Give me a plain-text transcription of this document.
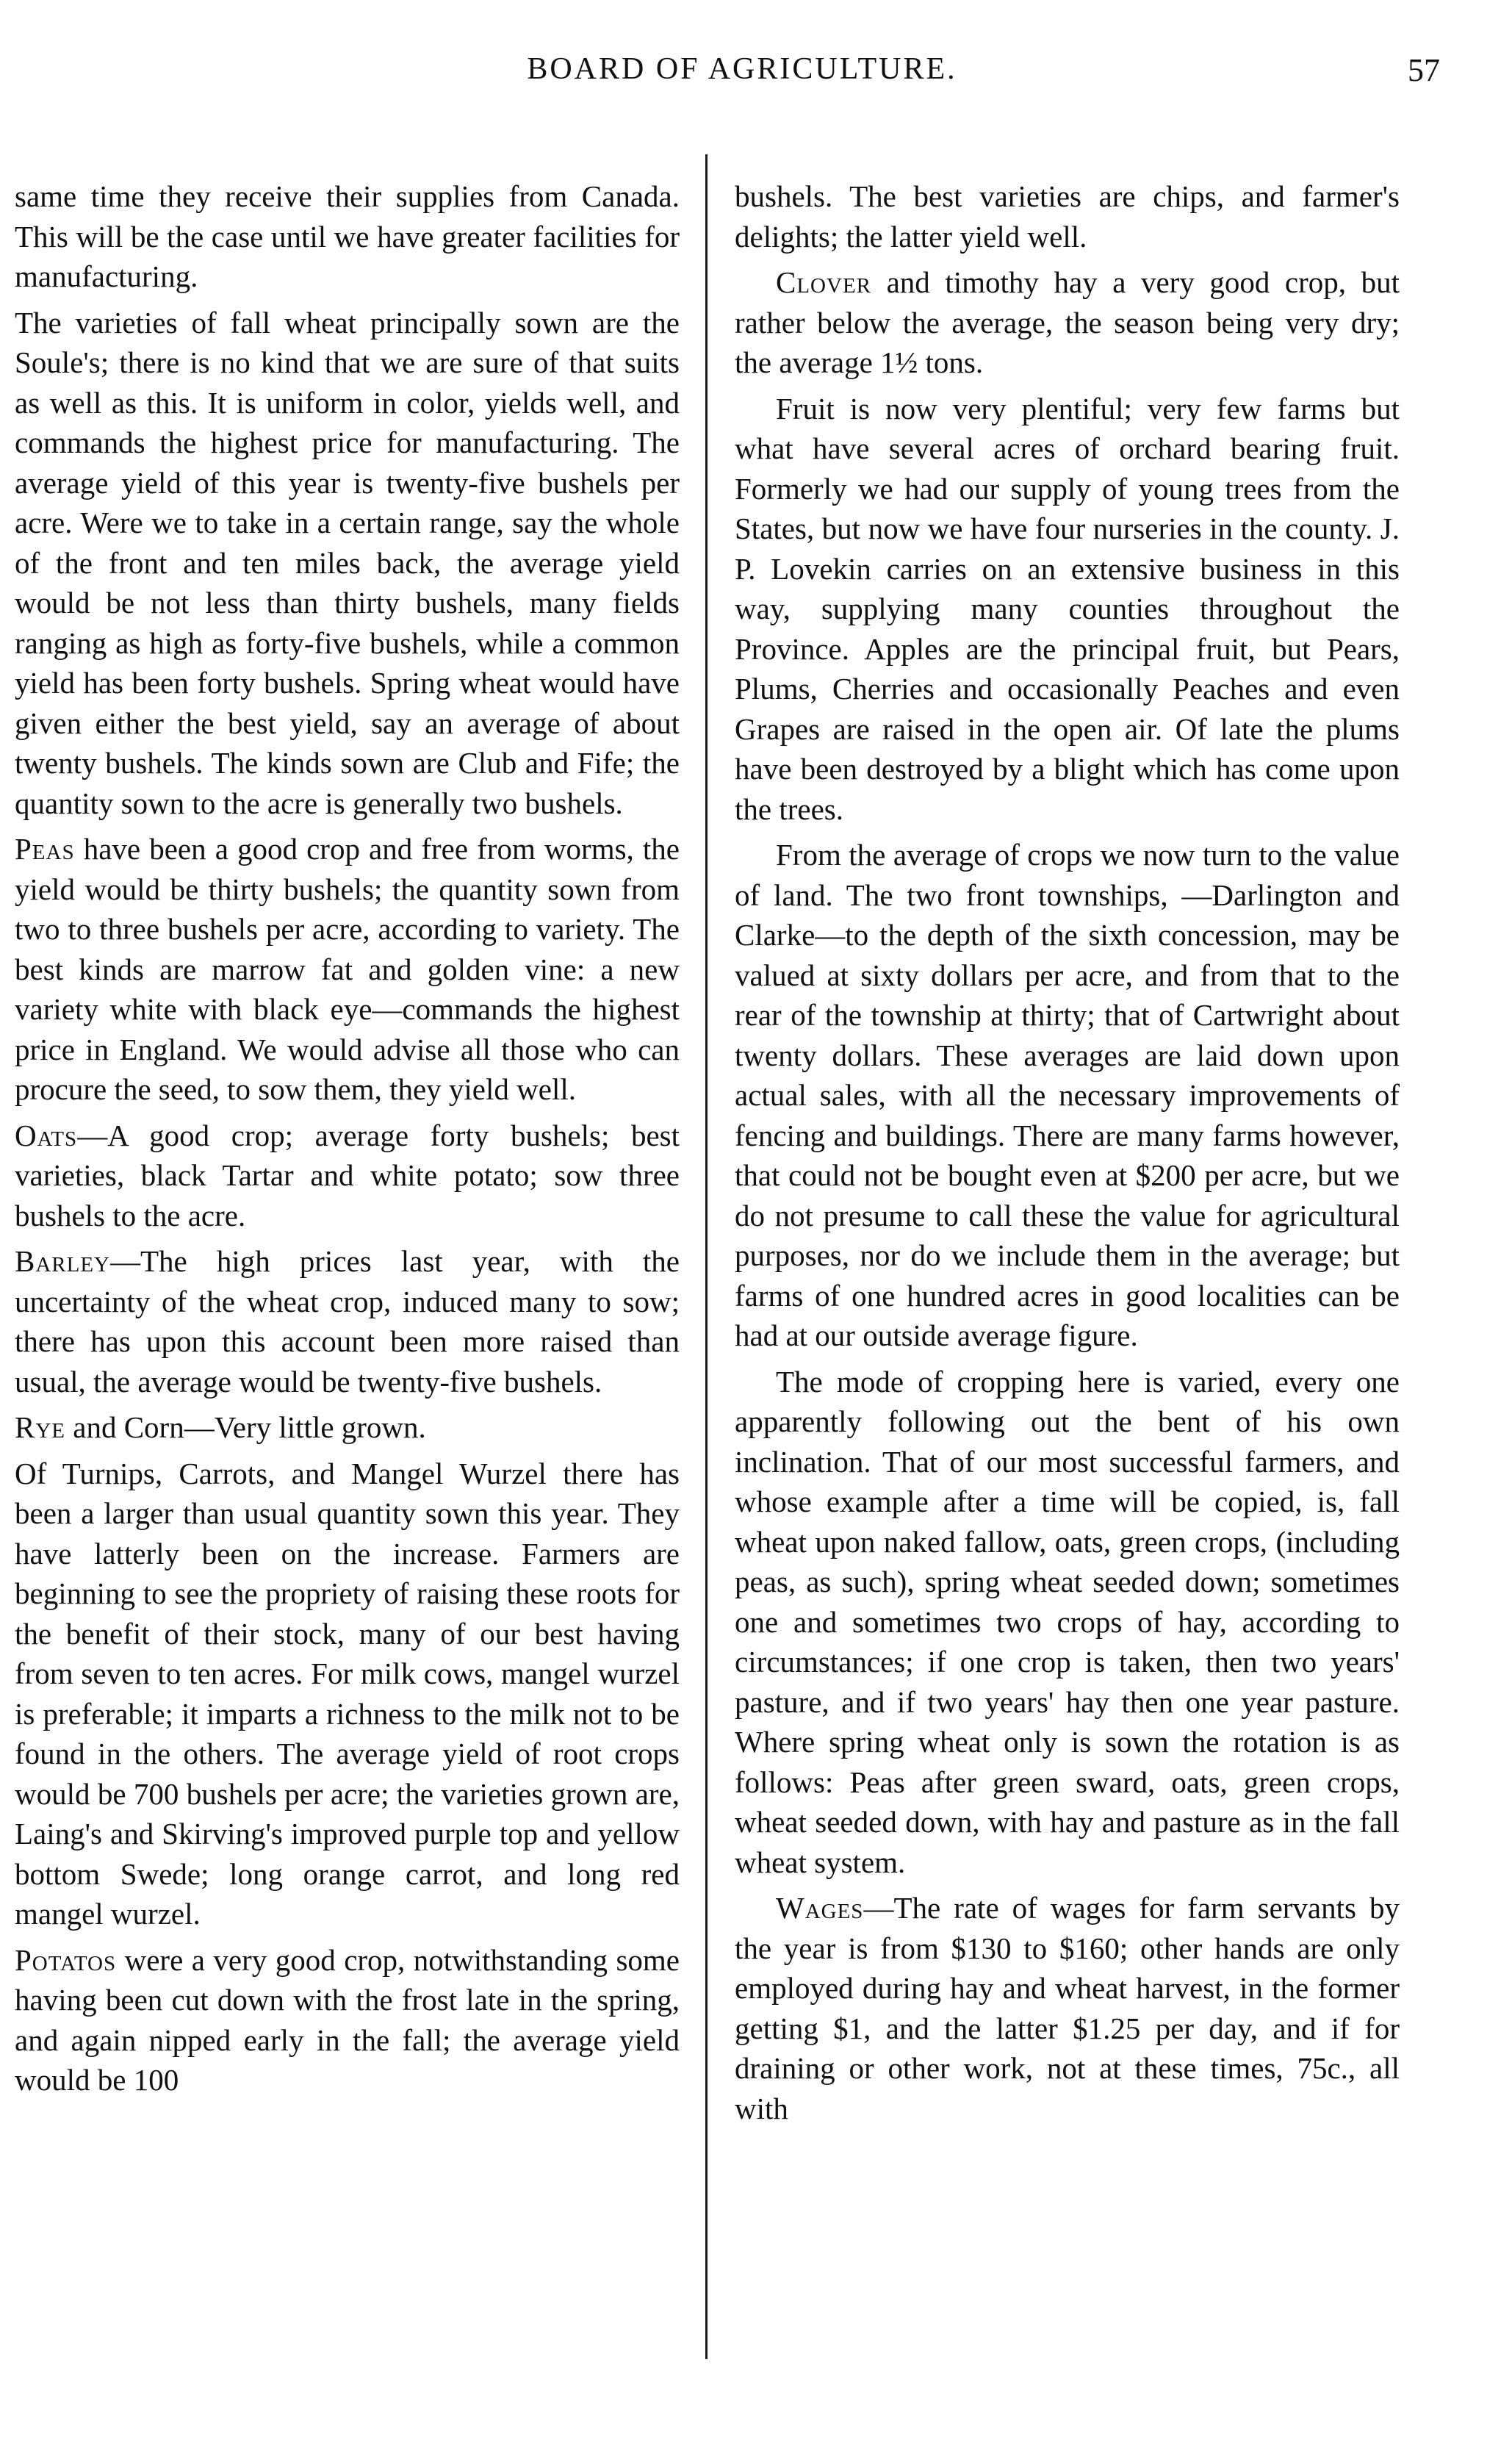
BOARD OF AGRICULTURE.	57

same time they receive their supplies from Canada. This will be the case until we have greater facilities for manufacturing.

The varieties of fall wheat principally sown are the Soule's; there is no kind that we are sure of that suits as well as this. It is uniform in color, yields well, and commands the highest price for manufacturing. The average yield of this year is twenty-five bushels per acre. Were we to take in a certain range, say the whole of the front and ten miles back, the average yield would be not less than thirty bushels, many fields ranging as high as forty-five bushels, while a common yield has been forty bushels. Spring wheat would have given either the best yield, say an average of about twenty bushels. The kinds sown are Club and Fife; the quantity sown to the acre is generally two bushels.

Peas have been a good crop and free from worms, the yield would be thirty bushels; the quantity sown from two to three bushels per acre, according to variety. The best kinds are marrow fat and golden vine: a new variety white with black eye—commands the highest price in England. We would advise all those who can procure the seed, to sow them, they yield well.

Oats—A good crop; average forty bushels; best varieties, black Tartar and white potato; sow three bushels to the acre.

Barley—The high prices last year, with the uncertainty of the wheat crop, induced many to sow; there has upon this account been more raised than usual, the average would be twenty-five bushels.

Rye and Corn—Very little grown.

Of Turnips, Carrots, and Mangel Wurzel there has been a larger than usual quantity sown this year. They have latterly been on the increase. Farmers are beginning to see the propriety of raising these roots for the benefit of their stock, many of our best having from seven to ten acres. For milk cows, mangel wurzel is preferable; it imparts a richness to the milk not to be found in the others. The average yield of root crops would be 700 bushels per acre; the varieties grown are, Laing's and Skirving's improved purple top and yellow bottom Swede; long orange carrot, and long red mangel wurzel.

Potatos were a very good crop, notwithstanding some having been cut down with the frost late in the spring, and again nipped early in the fall; the average yield would be 100

bushels. The best varieties are chips, and farmer's delights; the latter yield well.

Clover and timothy hay a very good crop, but rather below the average, the season being very dry; the average 1½ tons.

Fruit is now very plentiful; very few farms but what have several acres of orchard bearing fruit. Formerly we had our supply of young trees from the States, but now we have four nurseries in the county. J. P. Lovekin carries on an extensive business in this way, supplying many counties throughout the Province. Apples are the principal fruit, but Pears, Plums, Cherries and occasionally Peaches and even Grapes are raised in the open air. Of late the plums have been destroyed by a blight which has come upon the trees.

From the average of crops we now turn to the value of land. The two front townships, —Darlington and Clarke—to the depth of the sixth concession, may be valued at sixty dollars per acre, and from that to the rear of the township at thirty; that of Cartwright about twenty dollars. These averages are laid down upon actual sales, with all the necessary improvements of fencing and buildings. There are many farms however, that could not be bought even at $200 per acre, but we do not presume to call these the value for agricultural purposes, nor do we include them in the average; but farms of one hundred acres in good localities can be had at our outside average figure.

The mode of cropping here is varied, every one apparently following out the bent of his own inclination. That of our most successful farmers, and whose example after a time will be copied, is, fall wheat upon naked fallow, oats, green crops, (including peas, as such), spring wheat seeded down; sometimes one and sometimes two crops of hay, according to circumstances; if one crop is taken, then two years' pasture, and if two years' hay then one year pasture. Where spring wheat only is sown the rotation is as follows: Peas after green sward, oats, green crops, wheat seeded down, with hay and pasture as in the fall wheat system.

Wages—The rate of wages for farm servants by the year is from $130 to $160; other hands are only employed during hay and wheat harvest, in the former getting $1, and the latter $1.25 per day, and if for draining or other work, not at these times, 75c., all with
